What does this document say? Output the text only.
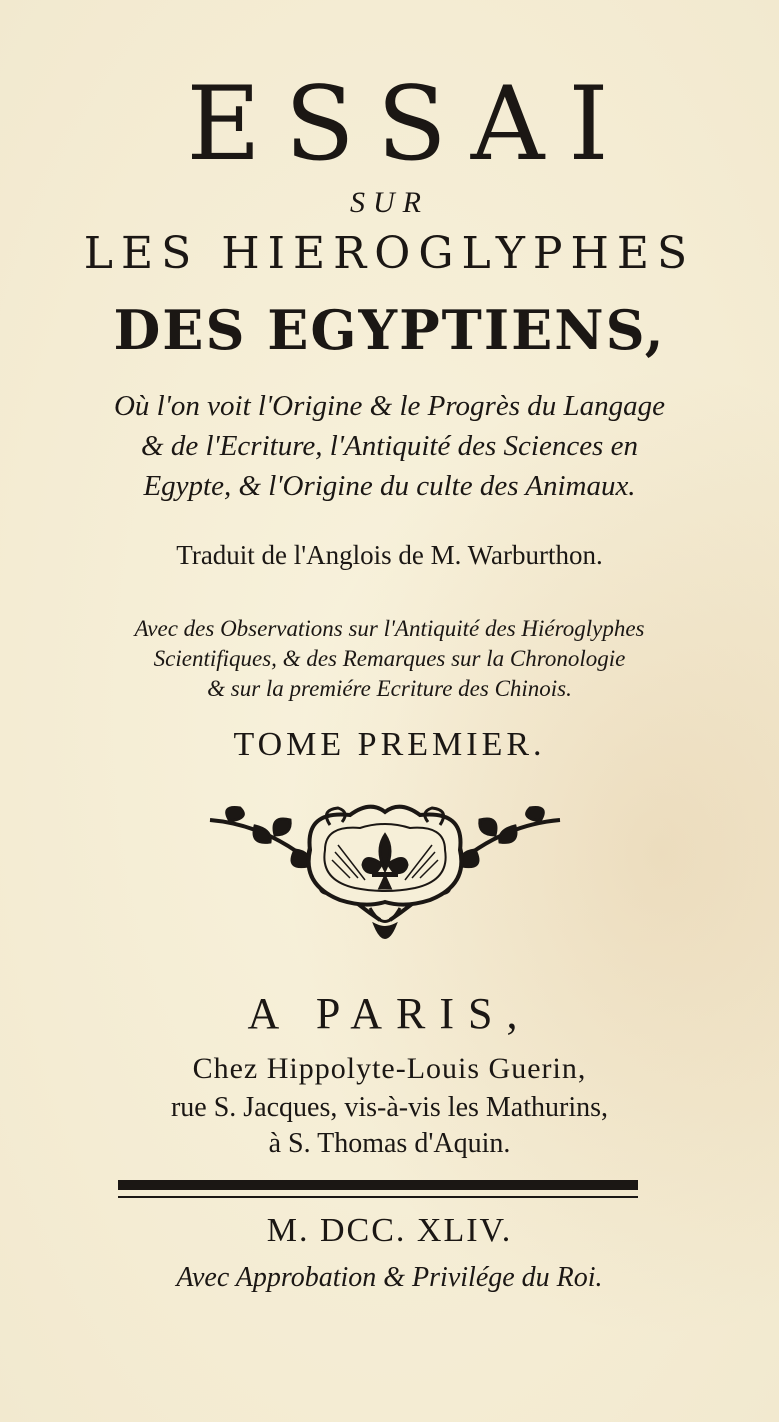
ESSAI
SUR
LES HIEROGLYPHES
DES EGYPTIENS,
Où l'on voit l'Origine & le Progrès du Langage
& de l'Ecriture, l'Antiquité des Sciences en
Egypte, & l'Origine du culte des Animaux.
Traduit de l'Anglois de M. Warburthon.
Avec des Observations sur l'Antiquité des Hiéroglyphes
Scientifiques, & des Remarques sur la Chronologie
& sur la premiére Ecriture des Chinois.
TOME PREMIER.
A PARIS,
Chez Hippolyte-Louis Guerin,
rue S. Jacques, vis-à-vis les Mathurins,
à S. Thomas d'Aquin.
M. DCC. XLIV.
Avec Approbation & Privilége du Roi.
